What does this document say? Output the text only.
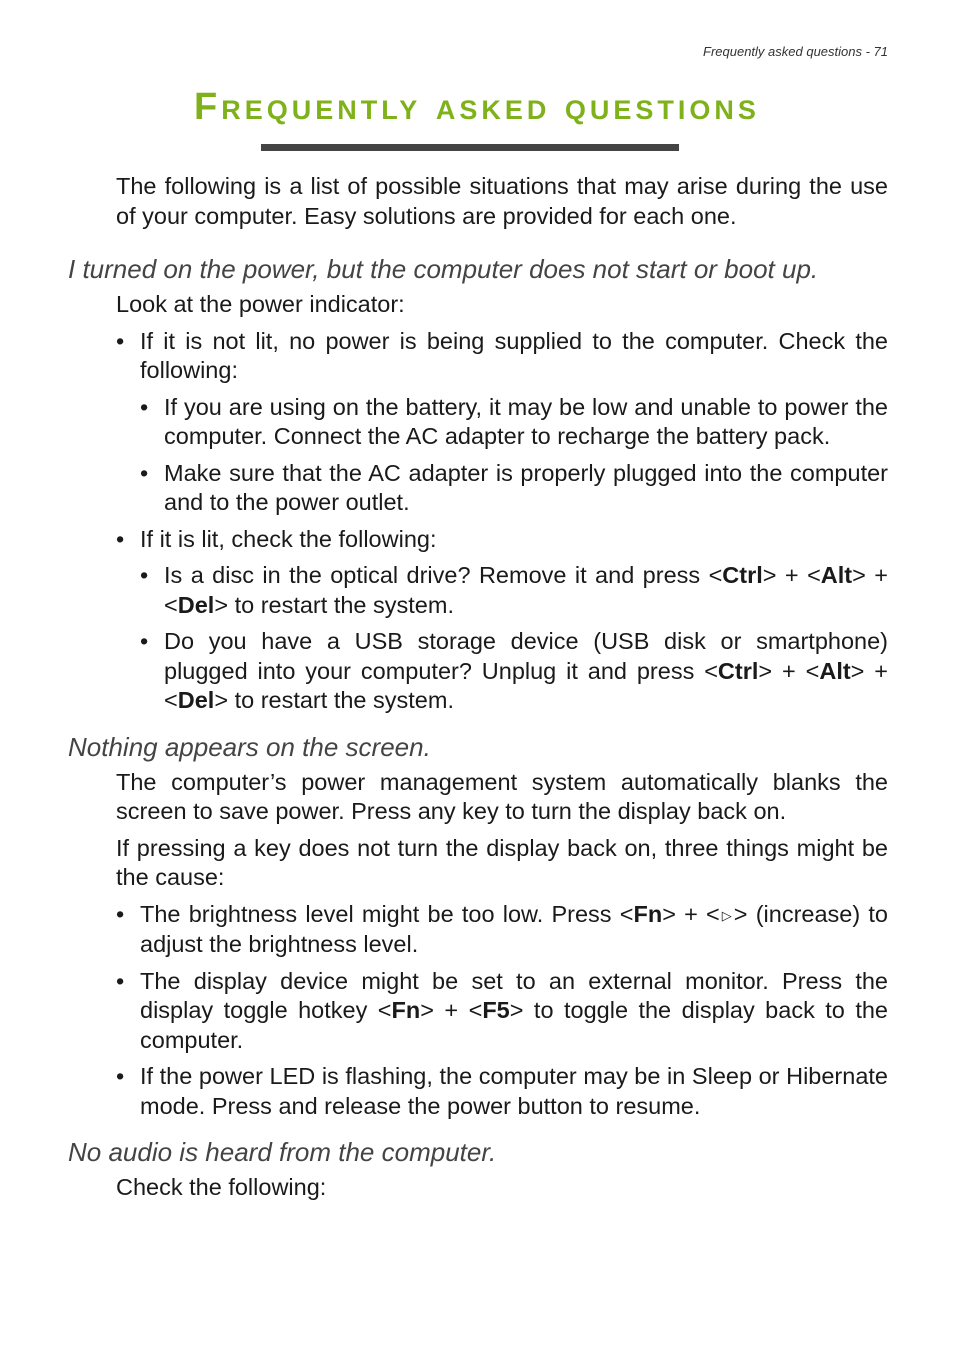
Frequently asked questions - 71
Frequently asked questions

The following is a list of possible situations that may arise during the use of your computer. Easy solutions are provided for each one.

I turned on the power, but the computer does not start or boot up.

Look at the power indicator:

• If it is not lit, no power is being supplied to the computer. Check the following:
• If you are using on the battery, it may be low and unable to power the computer. Connect the AC adapter to recharge the battery pack.
• Make sure that the AC adapter is properly plugged into the computer and to the power outlet.
• If it is lit, check the following:
• Is a disc in the optical drive? Remove it and press <Ctrl> + <Alt> + <Del> to restart the system.
• Do you have a USB storage device (USB disk or smartphone) plugged into your computer? Unplug it and press <Ctrl> + <Alt> + <Del> to restart the system.
Nothing appears on the screen.

The computer’s power management system automatically blanks the screen to save power. Press any key to turn the display back on.

If pressing a key does not turn the display back on, three things might be the cause:

• The brightness level might be too low. Press <Fn> + < ▷> (increase) to adjust the brightness level.
• The display device might be set to an external monitor. Press the display toggle hotkey <Fn> + <F5> to toggle the display back to the computer.
• If the power LED is flashing, the computer may be in Sleep or Hibernate mode. Press and release the power button to resume.
No audio is heard from the computer.

Check the following:
